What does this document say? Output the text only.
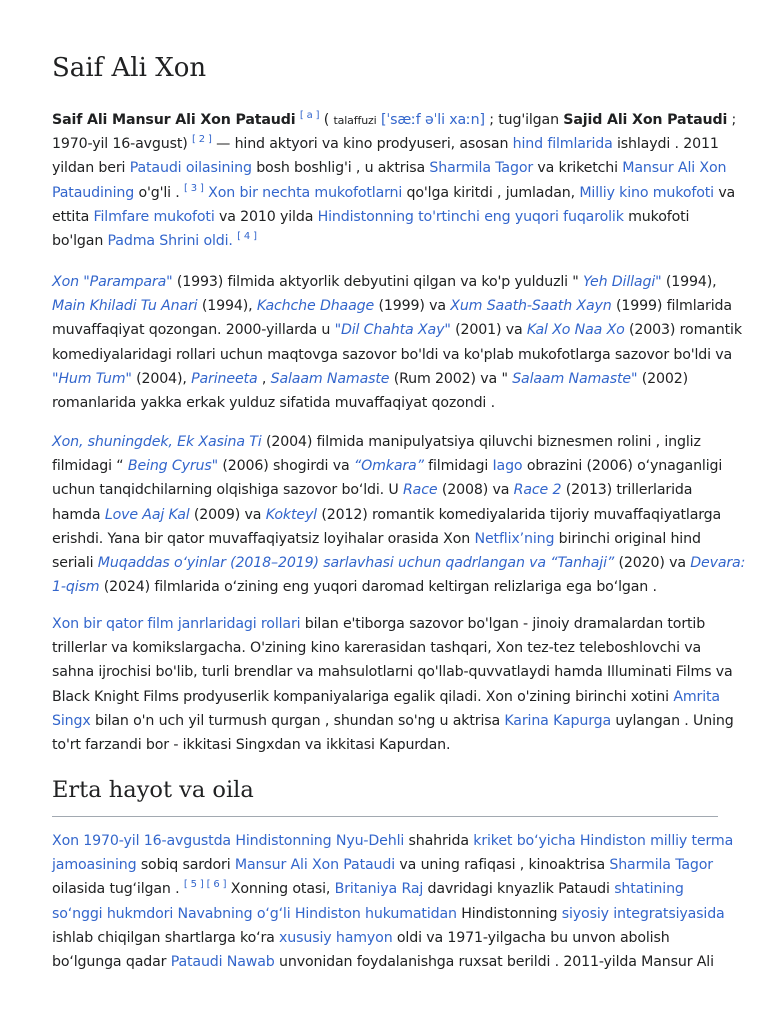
Saif Ali Xon

Saif Ali Mansur Ali Xon Pataudi [ a ] ( talaffuzi [ˈsæːf əˈli xaːn] ; tug'ilgan Sajid Ali Xon Pataudi ;
1970-yil 16-avgust) [ 2 ] — hind aktyori va kino prodyuseri, asosan hind filmlarida ishlaydi . 2011
yildan beri Pataudi oilasining bosh boshlig'i , u aktrisa Sharmila Tagor va kriketchi Mansur Ali Xon
Pataudining o'g'li . [ 3 ] Xon bir nechta mukofotlarni qo'lga kiritdi , jumladan, Milliy kino mukofoti va
ettita Filmfare mukofoti va 2010 yilda Hindistonning to'rtinchi eng yuqori fuqarolik mukofoti
bo'lgan Padma Shrini oldi. [ 4 ]

Xon "Parampara" (1993) filmida aktyorlik debyutini qilgan va ko'p yulduzli " Yeh Dillagi" (1994),
Main Khiladi Tu Anari (1994), Kachche Dhaage (1999) va Xum Saath-Saath Xayn (1999) filmlarida
muvaffaqiyat qozongan. 2000-yillarda u "Dil Chahta Xay" (2001) va Kal Xo Naa Xo (2003) romantik
komediyalaridagi rollari uchun maqtovga sazovor bo'ldi va ko'plab mukofotlarga sazovor bo'ldi va
"Hum Tum" (2004), Parineeta , Salaam Namaste (Rum 2002) va " Salaam Namaste" (2002)
romanlarida yakka erkak yulduz sifatida muvaffaqiyat qozondi .

Xon, shuningdek, Ek Xasina Ti (2004) filmida manipulyatsiya qiluvchi biznesmen rolini , ingliz
filmidagi “ Being Cyrus" (2006) shogirdi va “Omkara” filmidagi Iago obrazini (2006) o‘ynaganligi
uchun tanqidchilarning olqishiga sazovor bo‘ldi. U Race (2008) va Race 2 (2013) trillerlarida
hamda Love Aaj Kal (2009) va Kokteyl (2012) romantik komediyalarida tijoriy muvaffaqiyatlarga
erishdi. Yana bir qator muvaffaqiyatsiz loyihalar orasida Xon Netflix’ning birinchi original hind
seriali Muqaddas o‘yinlar (2018–2019) sarlavhasi uchun qadrlangan va “Tanhaji” (2020) va Devara:
1-qism (2024) filmlarida o‘zining eng yuqori daromad keltirgan relizlariga ega bo‘lgan .

Xon bir qator film janrlaridagi rollari bilan e'tiborga sazovor bo'lgan - jinoiy dramalardan tortib
trillerlar va komikslargacha. O'zining kino karerasidan tashqari, Xon tez-tez teleboshlovchi va
sahna ijrochisi bo'lib, turli brendlar va mahsulotlarni qo'llab-quvvatlaydi hamda Illuminati Films va
Black Knight Films prodyuserlik kompaniyalariga egalik qiladi. Xon o'zining birinchi xotini Amrita
Singx bilan o'n uch yil turmush qurgan , shundan so'ng u aktrisa Karina Kapurga uylangan . Uning
to'rt farzandi bor - ikkitasi Singxdan va ikkitasi Kapurdan.

Erta hayot va oila

Xon 1970-yil 16-avgustda Hindistonning Nyu-Dehli shahrida kriket bo‘yicha Hindiston milliy terma
jamoasining sobiq sardori Mansur Ali Xon Pataudi va uning rafiqasi , kinoaktrisa Sharmila Tagor
oilasida tug‘ilgan . [ 5 ] [ 6 ] Xonning otasi, Britaniya Raj davridagi knyazlik Pataudi shtatining
so‘nggi hukmdori Navabning o‘g‘li Hindiston hukumatidan Hindistonning siyosiy integratsiyasida
ishlab chiqilgan shartlarga ko‘ra xususiy hamyon oldi va 1971-yilgacha bu unvon abolish
bo‘lgunga qadar Pataudi Nawab unvonidan foydalanishga ruxsat berildi . 2011-yilda Mansur Ali
